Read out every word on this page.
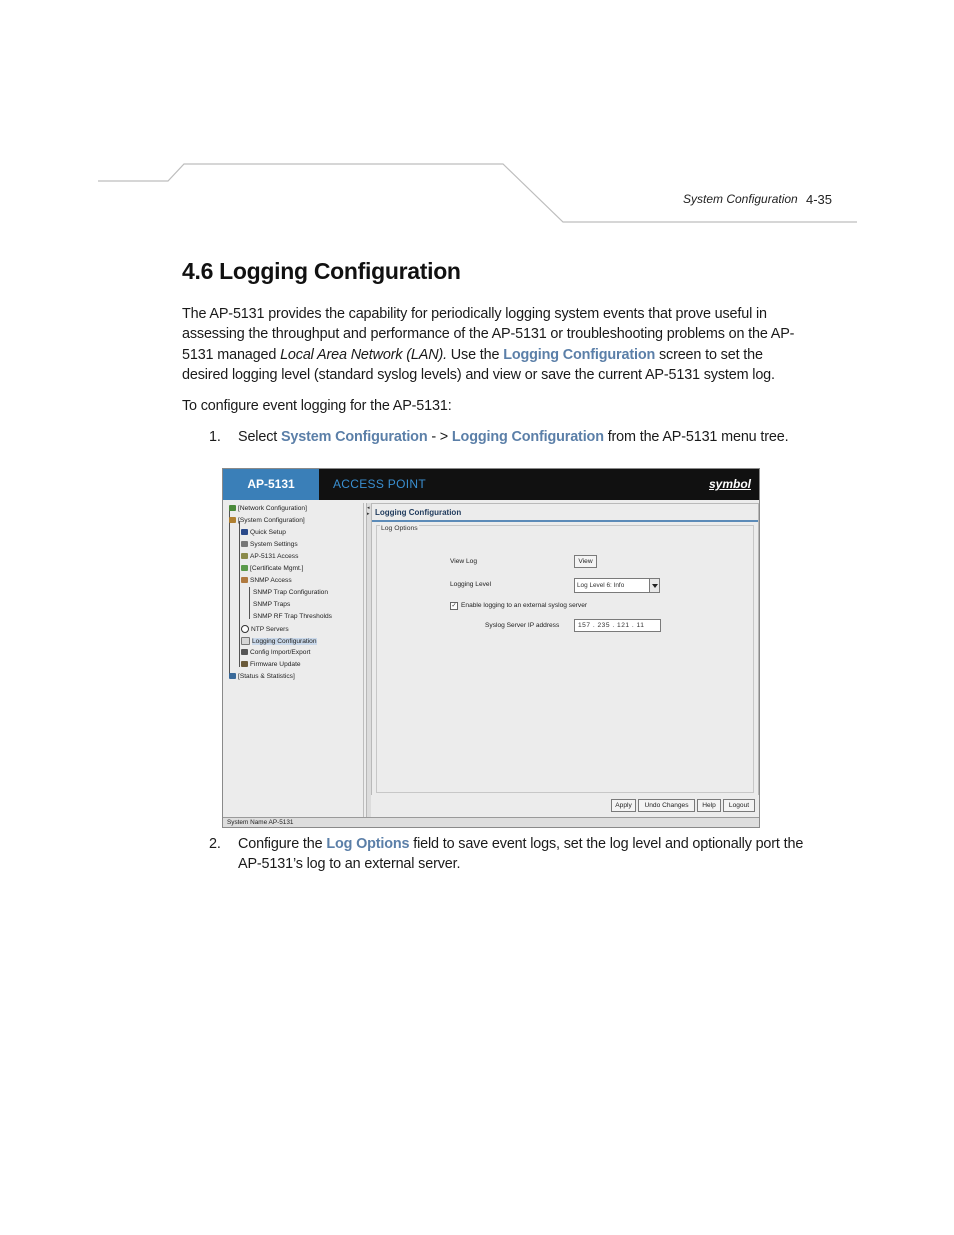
System Configuration 4-35
4.6 Logging Configuration

The AP-5131 provides the capability for periodically logging system events that prove useful in assessing the throughput and performance of the AP-5131 or troubleshooting problems on the AP-5131 managed Local Area Network (LAN). Use the Logging Configuration screen to set the desired logging level (standard syslog levels) and view or save the current AP-5131 system log.

To configure event logging for the AP-5131:

1. Select System Configuration - > Logging Configuration from the AP-5131 menu tree.
AP-5131	ACCESS POINT	symbol
[Network Configuration]
[System Configuration]
Quick Setup
System Settings
AP-5131 Access
[Certificate Mgmt.]
SNMP Access
SNMP Trap Configuration
SNMP Traps
SNMP RF Trap Thresholds
NTP Servers
Logging Configuration
Config Import/Export
Firmware Update
[Status & Statistics]
◂
▸ Logging Configuration
Log Options
View Log	View
Logging Level	Log Level 6: Info
✓ Enable logging to an external syslog server
Syslog Server IP address	157 . 235 . 121 . 11
Apply	Undo Changes	Help	Logout
System Name AP-5131
2. Configure the Log Options field to save event logs, set the log level and optionally port the AP-5131’s log to an external server.
